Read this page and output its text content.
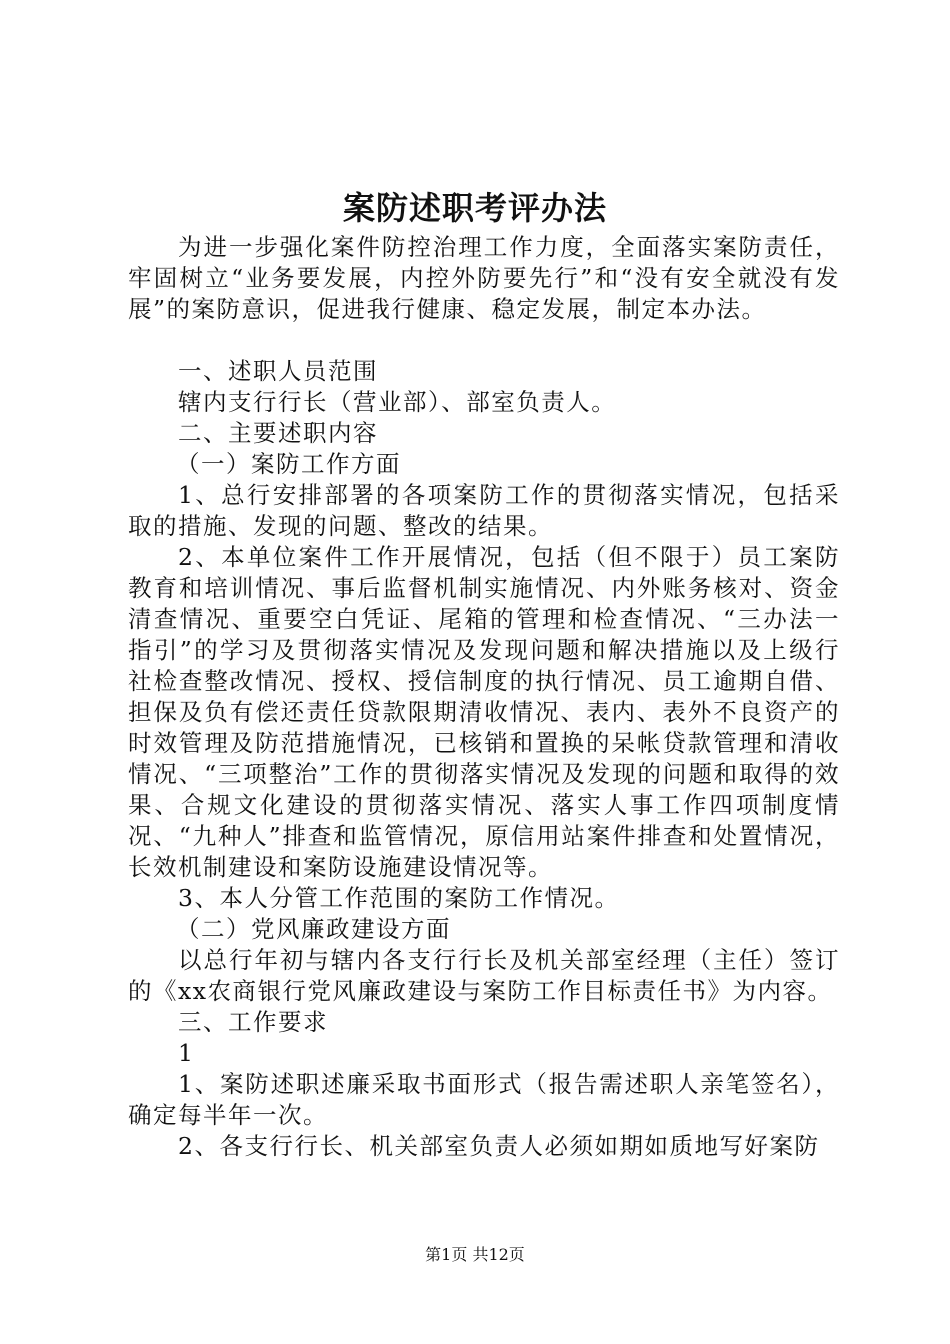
案防述职考评办法

为进一步强化案件防控治理工作力度，全面落实案防责任，牢固树立“业务要发展，内控外防要先行”和“没有安全就没有发展”的案防意识，促进我行健康、稳定发展，制定本办法。

一、述职人员范围

辖内支行行长（营业部）、部室负责人。

二、主要述职内容

（一）案防工作方面

1、总行安排部署的各项案防工作的贯彻落实情况，包括采取的措施、发现的问题、整改的结果。

2、本单位案件工作开展情况，包括（但不限于）员工案防教育和培训情况、事后监督机制实施情况、内外账务核对、资金清查情况、重要空白凭证、尾箱的管理和检查情况、“三办法一指引”的学习及贯彻落实情况及发现问题和解决措施以及上级行社检查整改情况、授权、授信制度的执行情况、员工逾期自借、担保及负有偿还责任贷款限期清收情况、表内、表外不良资产的时效管理及防范措施情况，已核销和置换的呆帐贷款管理和清收情况、“三项整治”工作的贯彻落实情况及发现的问题和取得的效果、合规文化建设的贯彻落实情况、落实人事工作四项制度情况、“九种人”排查和监管情况，原信用站案件排查和处置情况，长效机制建设和案防设施建设情况等。

3、本人分管工作范围的案防工作情况。

（二）党风廉政建设方面

以总行年初与辖内各支行行长及机关部室经理（主任）签订的《xx农商银行党风廉政建设与案防工作目标责任书》为内容。

三、工作要求

1

1、案防述职述廉采取书面形式（报告需述职人亲笔签名），确定每半年一次。

2、各支行行长、机关部室负责人必须如期如质地写好案防

第1页 共12页
